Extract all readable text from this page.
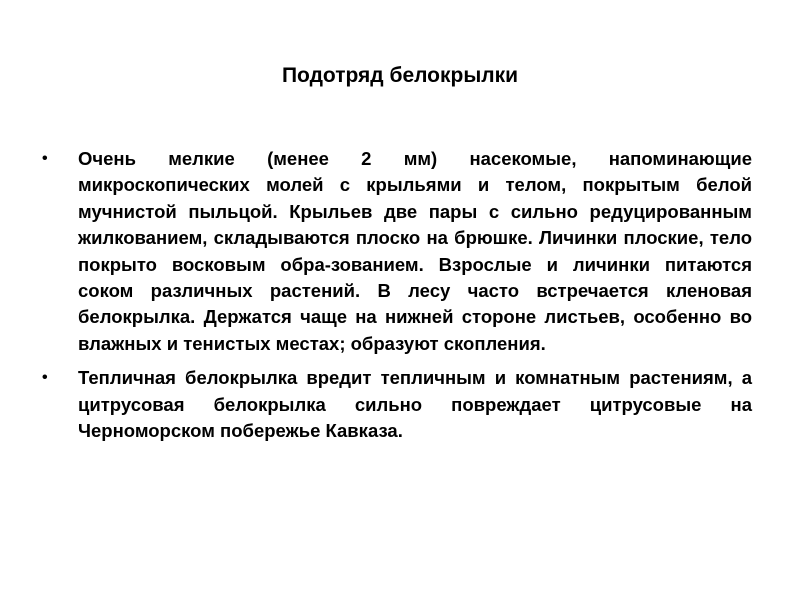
Подотряд белокрылки
• Очень мелкие (менее 2 мм) насекомые, напоминающие микроскопических молей с крыльями и телом, покрытым белой мучнистой пыльцой. Крыльев две пары с сильно редуцированным жилкованием, складываются плоско на брюшке. Личинки плоские, тело покрыто восковым обра-зованием. Взрослые и личинки питаются соком различных растений. В лесу часто встречается кленовая белокрылка. Держатся чаще на нижней стороне листьев, особенно во влажных и тенистых местах; образуют скопления.
• Тепличная белокрылка вредит тепличным и комнатным растениям, а цитрусовая белокрылка сильно повреждает цитрусовые на Черноморском побережье Кавказа.
